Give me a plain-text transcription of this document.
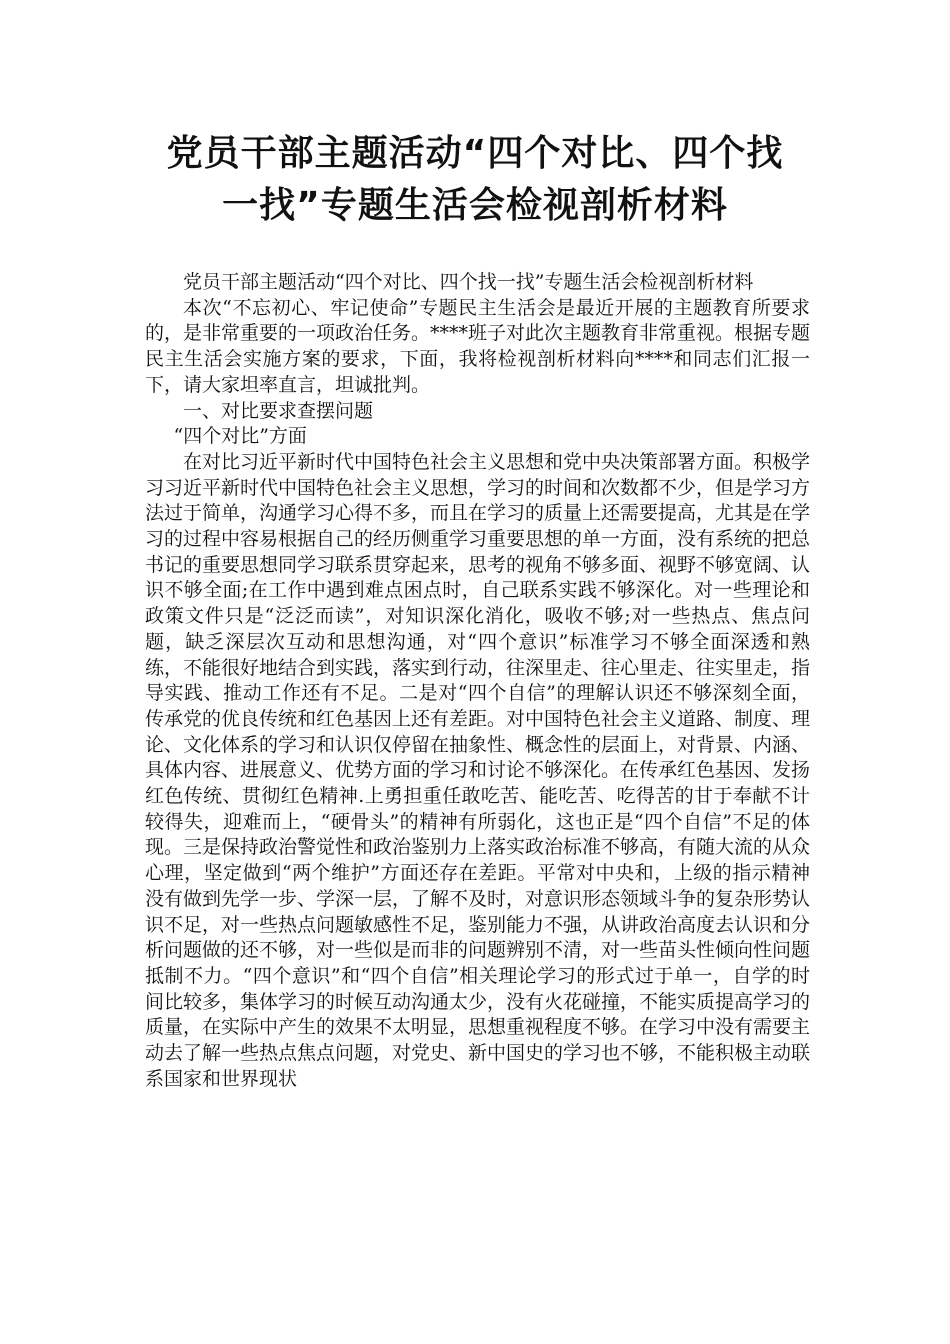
党员干部主题活动“四个对比、四个找
一找”专题生活会检视剖析材料

党员干部主题活动“四个对比、四个找一找”专题生活会检视剖析材料

本次“不忘初心、牢记使命”专题民主生活会是最近开展的主题教育所要求的，是非常重要的一项政治任务。****班子对此次主题教育非常重视。根据专题民主生活会实施方案的要求，下面，我将检视剖析材料向****和同志们汇报一下，请大家坦率直言，坦诚批判。

一、对比要求查摆问题

“四个对比”方面

在对比习近平新时代中国特色社会主义思想和党中央决策部署方面。积极学习习近平新时代中国特色社会主义思想，学习的时间和次数都不少，但是学习方法过于简单，沟通学习心得不多，而且在学习的质量上还需要提高，尤其是在学习的过程中容易根据自己的经历侧重学习重要思想的单一方面，没有系统的把总书记的重要思想同学习联系贯穿起来，思考的视角不够多面、视野不够宽阔、认识不够全面;在工作中遇到难点困点时，自己联系实践不够深化。对一些理论和政策文件只是“泛泛而读”，对知识深化消化，吸收不够;对一些热点、焦点问题，缺乏深层次互动和思想沟通，对“四个意识”标准学习不够全面深透和熟练，不能很好地结合到实践，落实到行动，往深里走、往心里走、往实里走，指导实践、推动工作还有不足。二是对“四个自信”的理解认识还不够深刻全面，传承党的优良传统和红色基因上还有差距。对中国特色社会主义道路、制度、理论、文化体系的学习和认识仅停留在抽象性、概念性的层面上，对背景、内涵、具体内容、进展意义、优势方面的学习和讨论不够深化。在传承红色基因、发扬红色传统、贯彻红色精神.上勇担重任敢吃苦、能吃苦、吃得苦的甘于奉献不计较得失，迎难而上，“硬骨头”的精神有所弱化，这也正是“四个自信”不足的体现。三是保持政治警觉性和政治鉴别力上落实政治标准不够高，有随大流的从众心理，坚定做到“两个维护”方面还存在差距。平常对中央和，上级的指示精神没有做到先学一步、学深一层，了解不及时，对意识形态领域斗争的复杂形势认识不足，对一些热点问题敏感性不足，鉴别能力不强，从讲政治高度去认识和分析问题做的还不够，对一些似是而非的问题辨别不清，对一些苗头性倾向性问题抵制不力。“四个意识”和“四个自信”相关理论学习的形式过于单一，自学的时间比较多，集体学习的时候互动沟通太少，没有火花碰撞，不能实质提高学习的质量，在实际中产生的效果不太明显，思想重视程度不够。在学习中没有需要主动去了解一些热点焦点问题，对党史、新中国史的学习也不够，不能积极主动联系国家和世界现状
